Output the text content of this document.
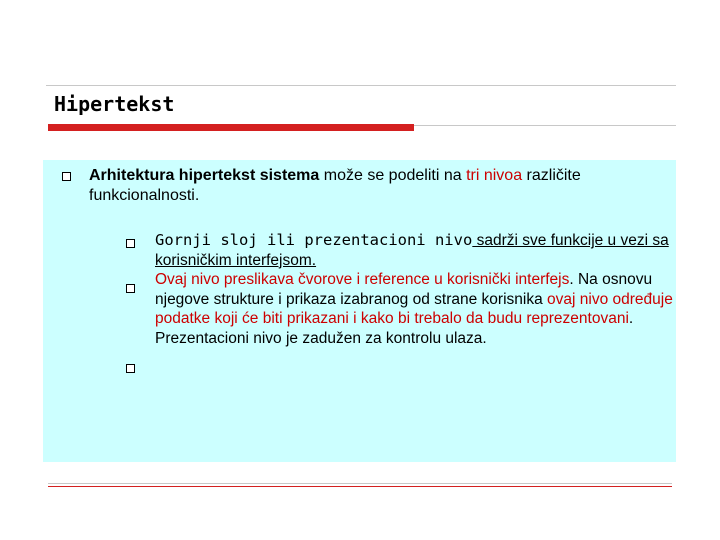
Hipertekst
Arhitektura hipertekst sistema može se podeliti na tri nivoa različite funkcionalnosti.
Gornji sloj ili prezentacioni nivo sadrži sve funkcije u vezi sa korisničkim interfejsom.
Ovaj nivo preslikava čvorove i reference u korisnički interfejs. Na osnovu njegove strukture i prikaza izabranog od strane korisnika ovaj nivo određuje podatke koji će biti prikazani i kako bi trebalo da budu reprezentovani.
Prezentacioni nivo je zadužen za kontrolu ulaza.
